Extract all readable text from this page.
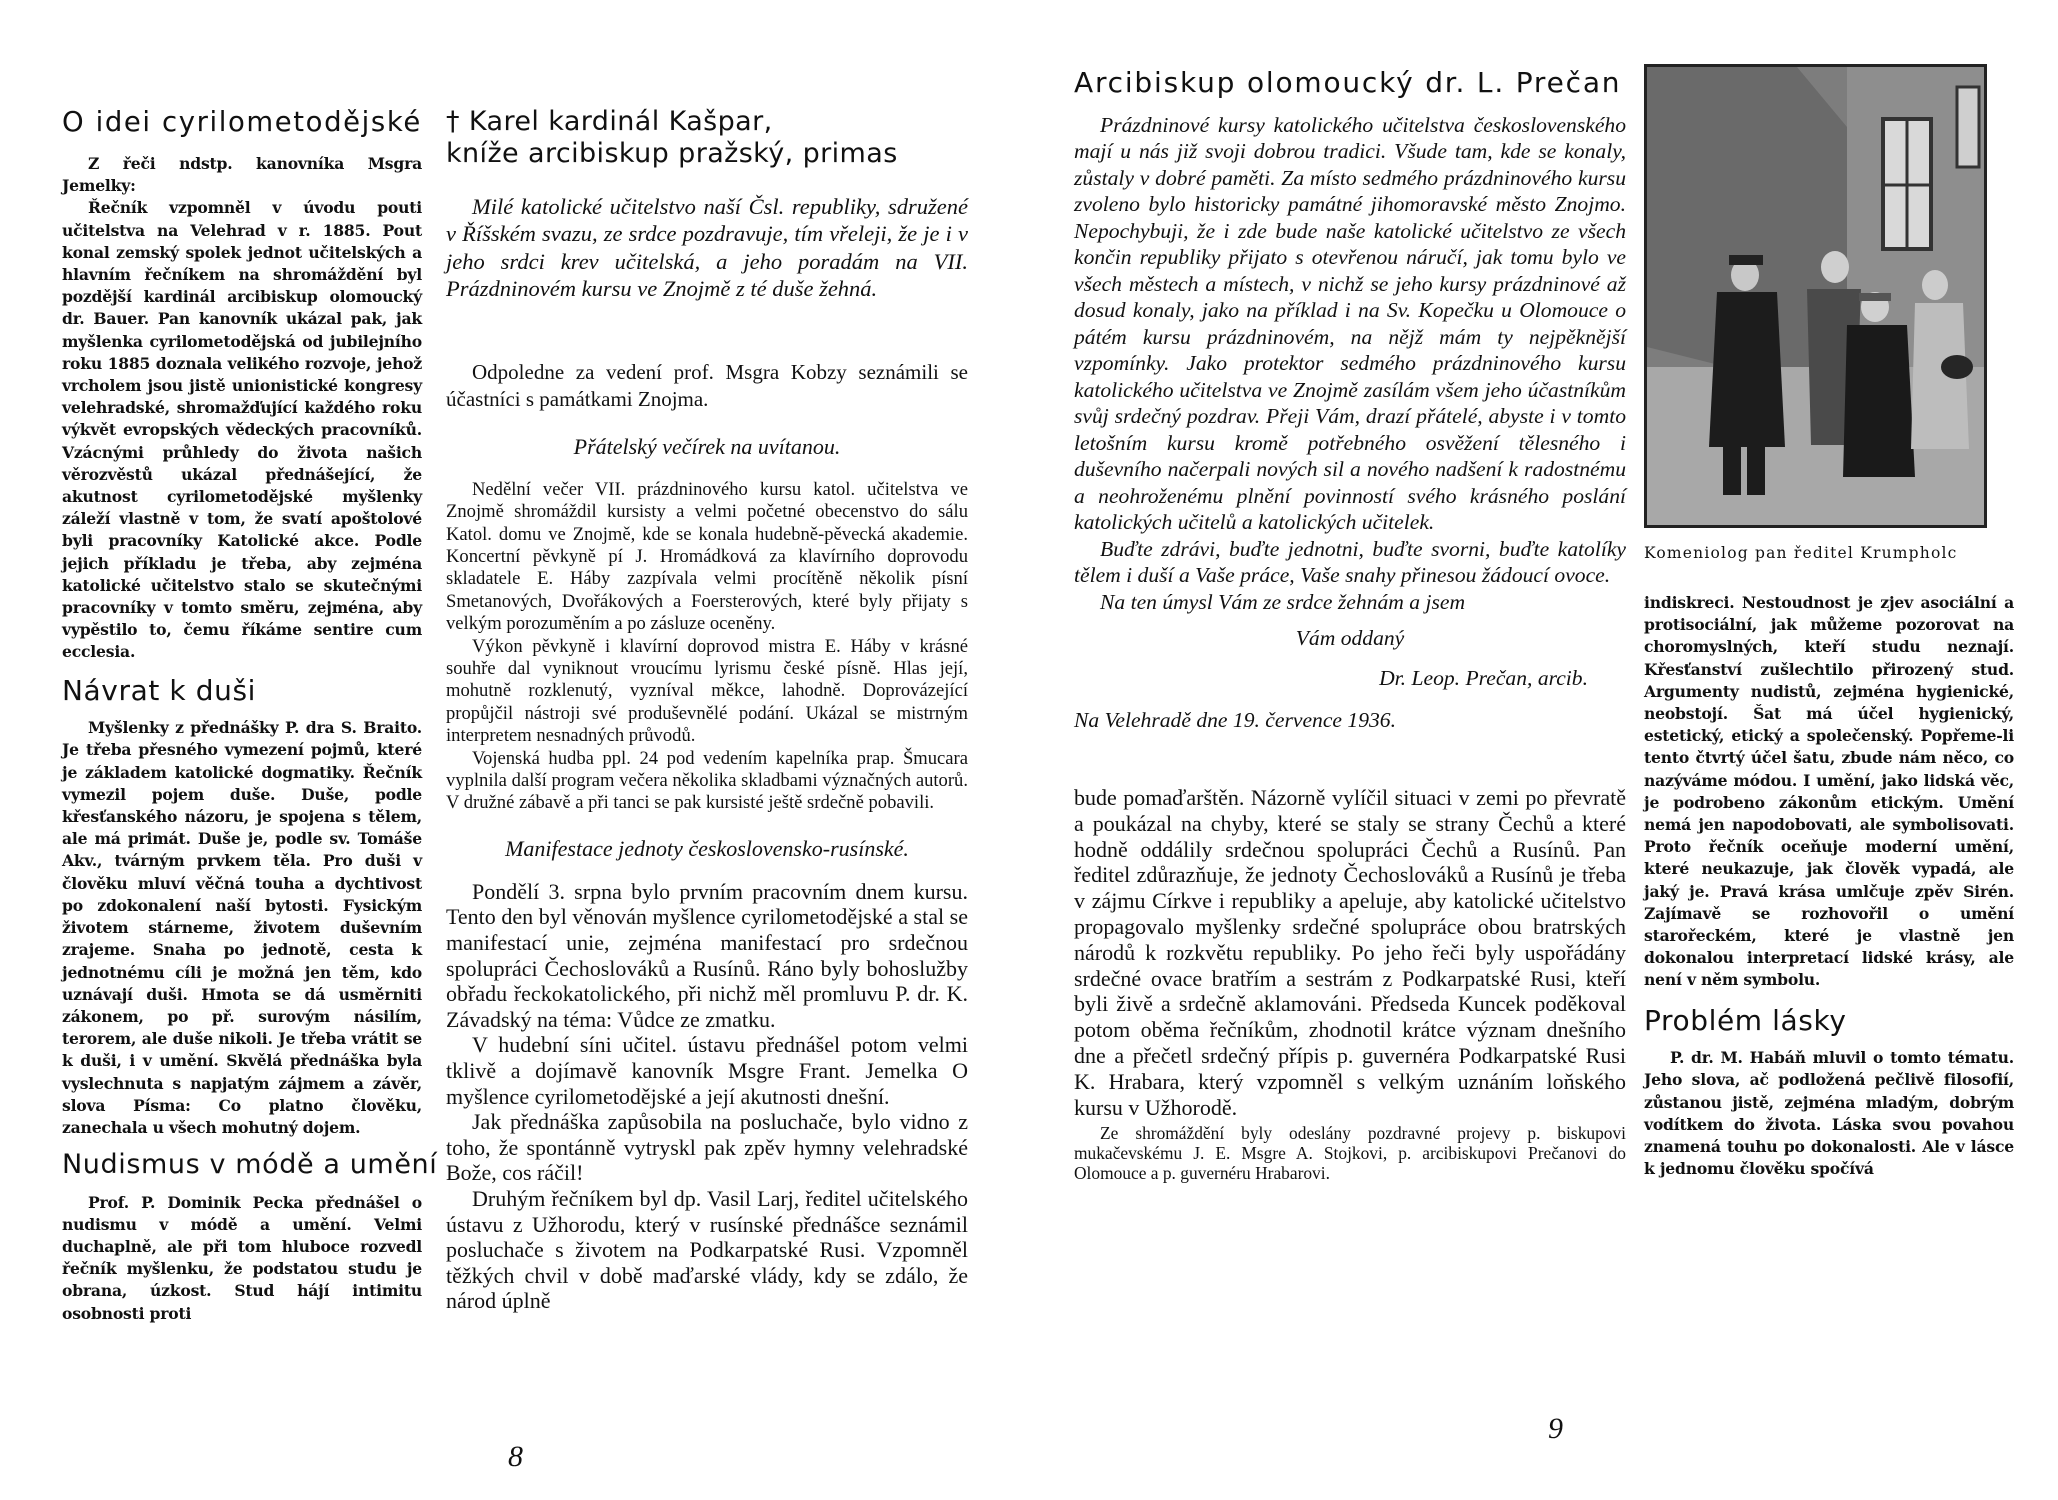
O idei cyrilometodějské

Z řeči ndstp. kanovníka Msgra Jemelky:

Řečník vzpomněl v úvodu pouti učitelstva na Velehrad v r. 1885. Pout konal zemský spolek jednot učitelských a hlavním řečníkem na shromáždění byl pozdější kardinál arcibiskup olomoucký dr. Bauer. Pan kanovník ukázal pak, jak myšlenka cyrilometodějská od jubilejního roku 1885 doznala velikého rozvoje, jehož vrcholem jsou jistě unionistické kongresy velehradské, shromažďující každého roku výkvět evropských vědeckých pracovníků. Vzácnými průhledy do života našich věrozvěstů ukázal přednášející, že akutnost cyrilometodějské myšlenky záleží vlastně v tom, že svatí apoštolové byli pracovníky Katolické akce. Podle jejich příkladu je třeba, aby zejména katolické učitelstvo stalo se skutečnými pracovníky v tomto směru, zejména, aby vypěstilo to, čemu říkáme sentire cum ecclesia.

Návrat k duši

Myšlenky z přednášky P. dra S. Braito. Je třeba přesného vymezení pojmů, které je základem katolické dogmatiky. Řečník vymezil pojem duše. Duše, podle křesťanského názoru, je spojena s tělem, ale má primát. Duše je, podle sv. Tomáše Akv., tvárným prvkem těla. Pro duši v člověku mluví věčná touha a dychtivost po zdokonalení naší bytosti. Fysickým životem stárneme, životem duševním zrajeme. Snaha po jednotě, cesta k jednotnému cíli je možná jen těm, kdo uznávají duši. Hmota se dá usměrniti zákonem, po př. surovým násilím, terorem, ale duše nikoli. Je třeba vrátit se k duši, i v umění. Skvělá přednáška byla vyslechnuta s napjatým zájmem a závěr, slova Písma: Co platno člověku, zanechala u všech mohutný dojem.

Nudismus v módě a umění

Prof. P. Dominik Pecka přednášel o nudismu v módě a umění. Velmi duchaplně, ale při tom hluboce rozvedl řečník myšlenku, že podstatou studu je obrana, úzkost. Stud hájí intimitu osobnosti proti

† Karel kardinál Kašpar,
kníže arcibiskup pražský, primas

Milé katolické učitelstvo naší Čsl. republiky, sdružené v Říšském svazu, ze srdce pozdravuje, tím vřeleji, že je i v jeho srdci krev učitelská, a jeho poradám na VII. Prázdninovém kursu ve Znojmě z té duše žehná.

Odpoledne za vedení prof. Msgra Kobzy seznámili se účastníci s památkami Znojma.

Přátelský večírek na uvítanou.

Nedělní večer VII. prázdninového kursu katol. učitelstva ve Znojmě shromáždil kursisty a velmi početné obecenstvo do sálu Katol. domu ve Znojmě, kde se konala hudebně-pěvecká akademie. Koncertní pěvkyně pí J. Hromádková za klavírního doprovodu skladatele E. Háby zazpívala velmi procítěně několik písní Smetanových, Dvořákových a Foersterových, které byly přijaty s velkým porozuměním a po zásluze oceněny.

Výkon pěvkyně i klavírní doprovod mistra E. Háby v krásné souhře dal vyniknout vroucímu lyrismu české písně. Hlas její, mohutně rozklenutý, vyzníval měkce, lahodně. Doprovázející propůjčil nástroji své produševnělé podání. Ukázal se mistrným interpretem nesnadných průvodů.

Vojenská hudba ppl. 24 pod vedením kapelníka prap. Šmucara vyplnila další program večera několika skladbami význačných autorů. V družné zábavě a při tanci se pak kursisté ještě srdečně pobavili.

Manifestace jednoty československo-rusínské.

Pondělí 3. srpna bylo prvním pracovním dnem kursu. Tento den byl věnován myšlence cyrilometodějské a stal se manifestací unie, zejména manifestací pro srdečnou spolupráci Čechoslováků a Rusínů. Ráno byly bohoslužby obřadu řeckokatolického, při nichž měl promluvu P. dr. K. Závadský na téma: Vůdce ze zmatku.

V hudební síni učitel. ústavu přednášel potom velmi tklivě a dojímavě kanovník Msgre Frant. Jemelka O myšlence cyrilometodějské a její akutnosti dnešní.

Jak přednáška zapůsobila na posluchače, bylo vidno z toho, že spontánně vytryskl pak zpěv hymny velehradské Bože, cos ráčil!

Druhým řečníkem byl dp. Vasil Larj, ředitel učitelského ústavu z Užhorodu, který v rusínské přednášce seznámil posluchače s životem na Podkarpatské Rusi. Vzpomněl těžkých chvil v době maďarské vlády, kdy se zdálo, že národ úplně

8
Arcibiskup olomoucký dr. L. Prečan

Prázdninové kursy katolického učitelstva československého mají u nás již svoji dobrou tradici. Všude tam, kde se konaly, zůstaly v dobré paměti. Za místo sedmého prázdninového kursu zvoleno bylo historicky památné jihomoravské město Znojmo. Nepochybuji, že i zde bude naše katolické učitelstvo ze všech končin republiky přijato s otevřenou náručí, jak tomu bylo ve všech městech a místech, v nichž se jeho kursy prázdninové až dosud konaly, jako na příklad i na Sv. Kopečku u Olomouce o pátém kursu prázdninovém, na nějž mám ty nejpěknější vzpomínky. Jako protektor sedmého prázdninového kursu katolického učitelstva ve Znojmě zasílám všem jeho účastníkům svůj srdečný pozdrav. Přeji Vám, drazí přátelé, abyste i v tomto letošním kursu kromě potřebného osvěžení tělesného i duševního načerpali nových sil a nového nadšení k radostnému a neohroženému plnění povinností svého krásného poslání katolických učitelů a katolických učitelek.

Buďte zdrávi, buďte jednotni, buďte svorni, buďte katolíky tělem i duší a Vaše práce, Vaše snahy přinesou žádoucí ovoce.

Na ten úmysl Vám ze srdce žehnám a jsem

Vám oddaný

Dr. Leop. Prečan, arcib.

Na Velehradě dne 19. července 1936.

bude pomaďarštěn. Názorně vylíčil situaci v zemi po převratě a poukázal na chyby, které se staly se strany Čechů a které hodně oddálily srdečnou spolupráci Čechů a Rusínů. Pan ředitel zdůrazňuje, že jednoty Čechoslováků a Rusínů je třeba v zájmu Církve i republiky a apeluje, aby katolické učitelstvo propagovalo myšlenky srdečné spolupráce obou bratrských národů k rozkvětu republiky. Po jeho řeči byly uspořádány srdečné ovace bratřím a sestrám z Podkarpatské Rusi, kteří byli živě a srdečně aklamováni. Předseda Kuncek poděkoval potom oběma řečníkům, zhodnotil krátce význam dnešního dne a přečetl srdečný přípis p. guvernéra Podkarpatské Rusi K. Hrabara, který vzpomněl s velkým uznáním loňského kursu v Užhorodě.

Ze shromáždění byly odeslány pozdravné projevy p. biskupovi mukačevskému J. E. Msgre A. Stojkovi, p. arcibiskupovi Prečanovi do Olomouce a p. guvernéru Hrabarovi.

Komeniolog pan ředitel Krumpholc

indiskreci. Nestoudnost je zjev asociální a protisociální, jak můžeme pozorovat na choromyslných, kteří studu neznají. Křesťanství zušlechtilo přirozený stud. Argumenty nudistů, zejména hygienické, neobstojí. Šat má účel hygienický, estetický, etický a společenský. Popřeme-li tento čtvrtý účel šatu, zbude nám něco, co nazýváme módou. I umění, jako lidská věc, je podrobeno zákonům etickým. Umění nemá jen napodobovati, ale symbolisovati. Proto řečník oceňuje moderní umění, které neukazuje, jak člověk vypadá, ale jaký je. Pravá krása umlčuje zpěv Sirén. Zajímavě se rozhovořil o umění starořeckém, které je vlastně jen dokonalou interpretací lidské krásy, ale není v něm symbolu.

Problém lásky

P. dr. M. Habáň mluvil o tomto tématu. Jeho slova, ač podložená pečlivě filosofií, zůstanou jistě, zejména mladým, dobrým vodítkem do života. Láska svou povahou znamená touhu po dokonalosti. Ale v lásce k jednomu člověku spočívá

9
